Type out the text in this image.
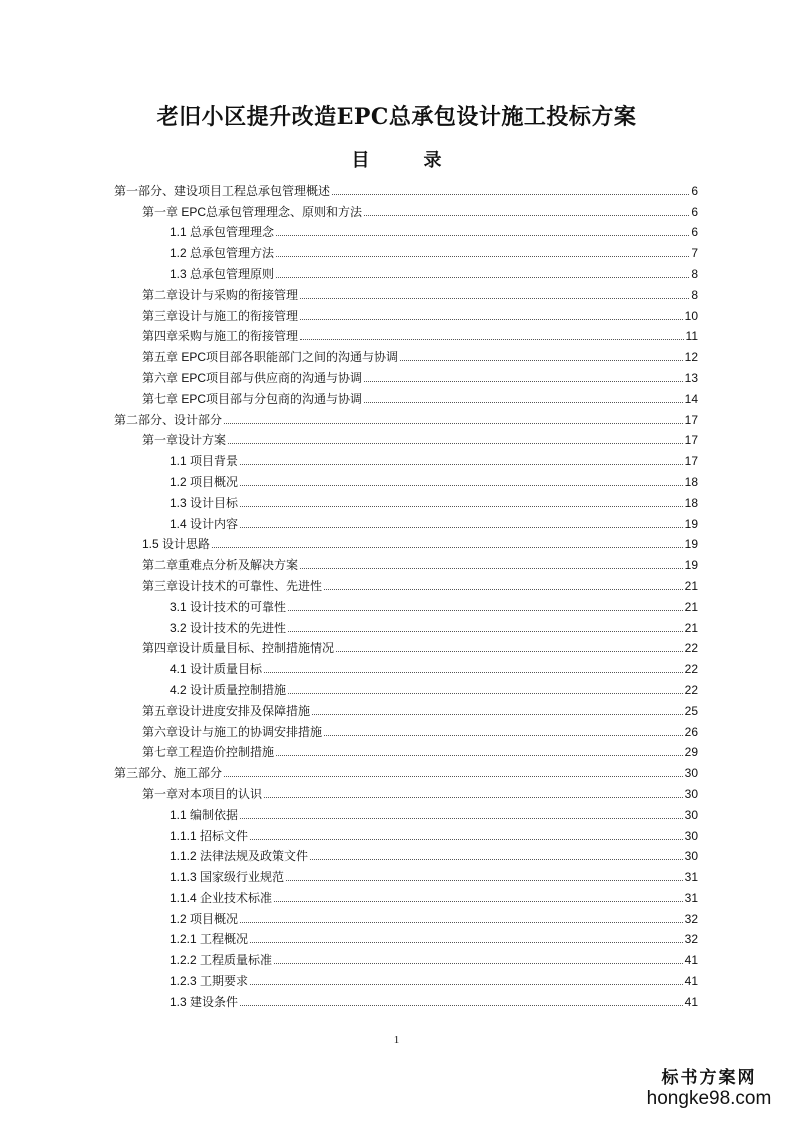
老旧小区提升改造EPC总承包设计施工投标方案
目　录
第一部分、建设项目工程总承包管理概述	6
第一章 EPC总承包管理理念、原则和方法	6
1.1 总承包管理理念	6
1.2 总承包管理方法	7
1.3 总承包管理原则	8
第二章设计与采购的衔接管理	8
第三章设计与施工的衔接管理	10
第四章采购与施工的衔接管理	11
第五章 EPC项目部各职能部门之间的沟通与协调	12
第六章 EPC项目部与供应商的沟通与协调	13
第七章 EPC项目部与分包商的沟通与协调	14
第二部分、设计部分	17
第一章设计方案	17
1.1 项目背景	17
1.2 项目概况	18
1.3 设计目标	18
1.4 设计内容	19
1.5 设计思路	19
第二章重难点分析及解决方案	19
第三章设计技术的可靠性、先进性	21
3.1 设计技术的可靠性	21
3.2 设计技术的先进性	21
第四章设计质量目标、控制措施情况	22
4.1 设计质量目标	22
4.2 设计质量控制措施	22
第五章设计进度安排及保障措施	25
第六章设计与施工的协调安排措施	26
第七章工程造价控制措施	29
第三部分、施工部分	30
第一章对本项目的认识	30
1.1 编制依据	30
1.1.1 招标文件	30
1.1.2 法律法规及政策文件	30
1.1.3 国家级行业规范	31
1.1.4 企业技术标准	31
1.2 项目概况	32
1.2.1 工程概况	32
1.2.2 工程质量标准	41
1.2.3 工期要求	41
1.3 建设条件	41
1
标书方案网
hongke98.com
